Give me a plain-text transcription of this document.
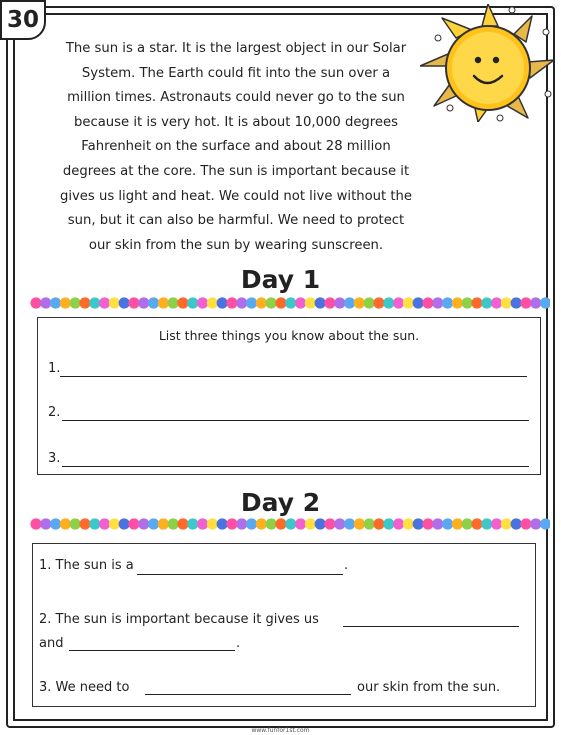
30

The sun is a star. It is the largest object in our Solar

System. The Earth could fit into the sun over a

million times. Astronauts could never go to the sun

because it is very hot. It is about 10,000 degrees

Fahrenheit on the surface and about 28 million

degrees at the core. The sun is important because it

gives us light and heat. We could not live without the

sun, but it can also be harmful. We need to protect

our skin from the sun by wearing sunscreen.

Day 1
List three things you know about the sun.
1.
2.
3.
Day 2
1. The sun is a	.
2. The sun is important because it gives us
and	.
3. We need to	our skin from the sun.
www.funfor1st.com
